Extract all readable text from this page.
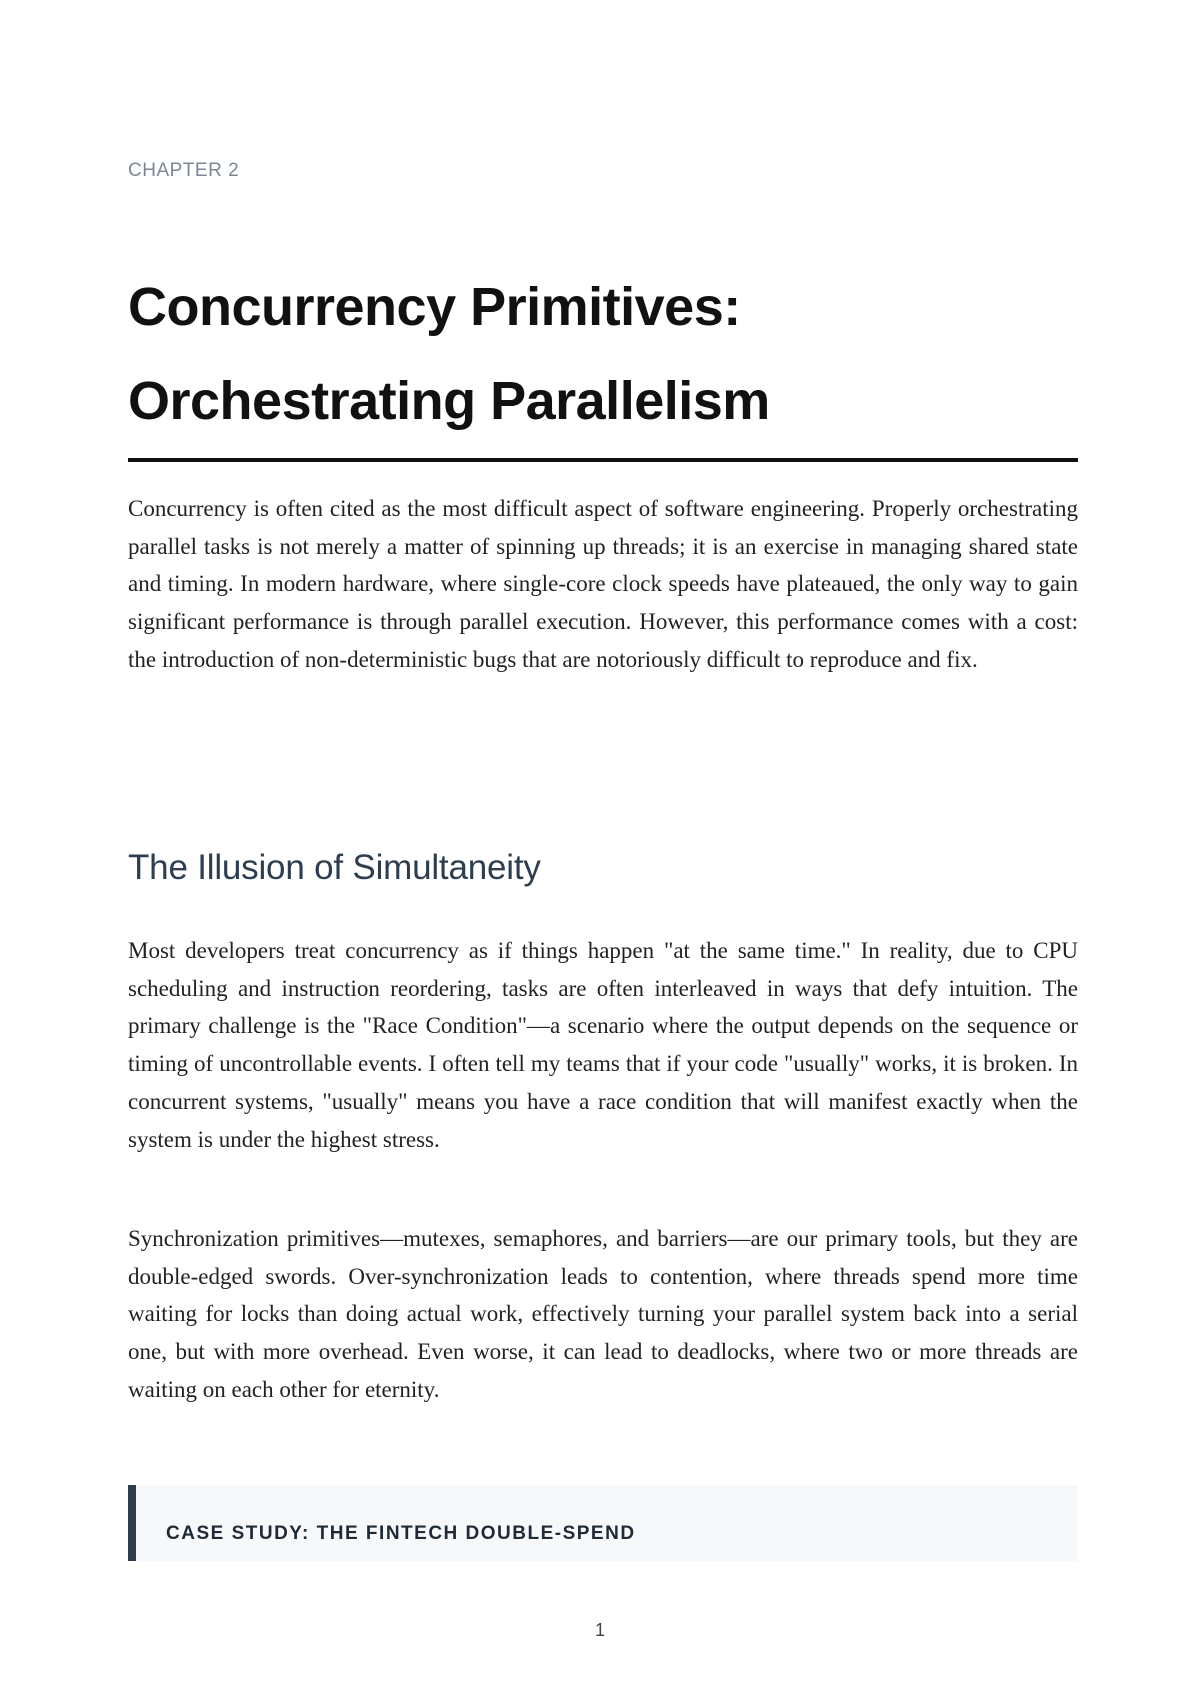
CHAPTER 2
Concurrency Primitives:
Orchestrating Parallelism

Concurrency is often cited as the most difficult aspect of software engineering. Properly orchestrating parallel tasks is not merely a matter of spinning up threads; it is an exercise in managing shared state and timing. In modern hardware, where single-core clock speeds have plateaued, the only way to gain significant performance is through parallel execution. However, this performance comes with a cost: the introduction of non-deterministic bugs that are notoriously difficult to reproduce and fix.

The Illusion of Simultaneity

Most developers treat concurrency as if things happen "at the same time." In reality, due to CPU scheduling and instruction reordering, tasks are often interleaved in ways that defy intuition. The primary challenge is the "Race Condition"—a scenario where the output depends on the sequence or timing of uncontrollable events. I often tell my teams that if your code "usually" works, it is broken. In concurrent systems, "usually" means you have a race condition that will manifest exactly when the system is under the highest stress.

Synchronization primitives—mutexes, semaphores, and barriers—are our primary tools, but they are double-edged swords. Over-synchronization leads to contention, where threads spend more time waiting for locks than doing actual work, effectively turning your parallel system back into a serial one, but with more overhead. Even worse, it can lead to deadlocks, where two or more threads are waiting on each other for eternity.

CASE STUDY: THE FINTECH DOUBLE-SPEND
1
